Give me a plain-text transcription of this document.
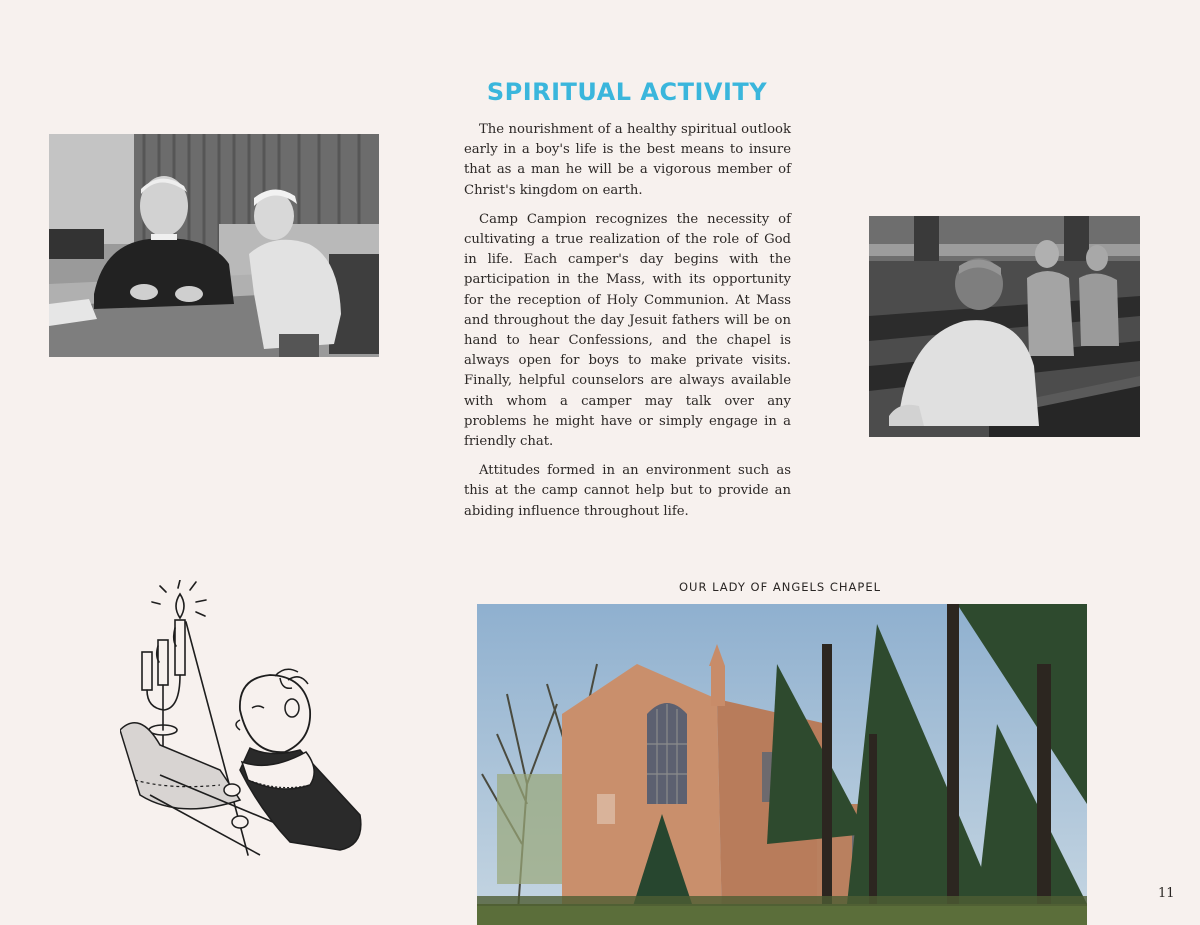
SPIRITUAL ACTIVITY

The nourishment of a healthy spiritual outlook early in a boy's life is the best means to insure that as a man he will be a vigorous member of Christ's kingdom on earth.

Camp Campion recognizes the necessity of cultivating a true realization of the role of God in life. Each camper's day begins with the participation in the Mass, with its opportunity for the reception of Holy Communion. At Mass and throughout the day Jesuit fathers will be on hand to hear Confessions, and the chapel is always open for boys to make private visits. Finally, helpful counselors are always available with whom a camper may talk over any problems he might have or simply engage in a friendly chat.

Attitudes formed in an environment such as this at the camp cannot help but to provide an abiding influence throughout life.

OUR LADY OF ANGELS CHAPEL
11
